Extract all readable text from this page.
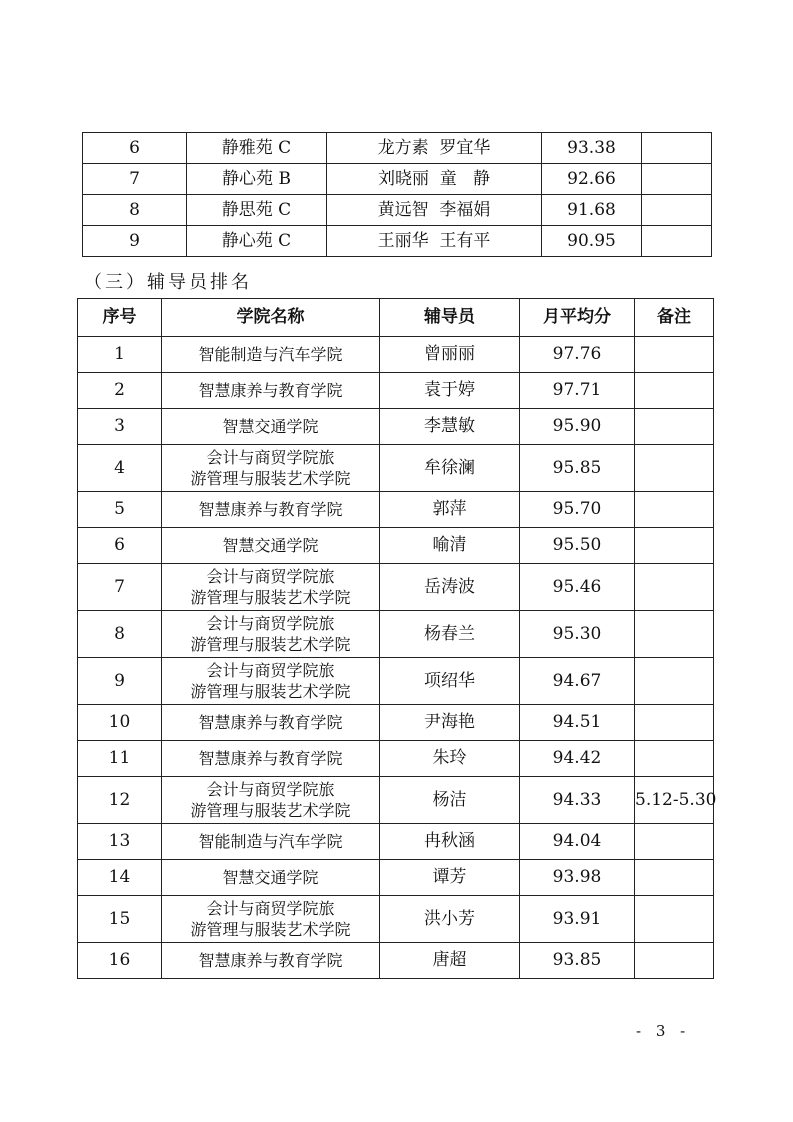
6	静雅苑 C	龙方素  罗宜华	93.38	
7	静心苑 B	刘晓丽  童   静	92.66	
8	静思苑 C	黄远智  李福娟	91.68	
9	静心苑 C	王丽华  王有平	90.95	
（三）辅导员排名
序号	学院名称	辅导员	月平均分	备注
1	智能制造与汽车学院	曾丽丽	97.76	
2	智慧康养与教育学院	袁于婷	97.71	
3	智慧交通学院	李慧敏	95.90	
4	会计与商贸学院旅
游管理与服装艺术学院	牟徐澜	95.85	
5	智慧康养与教育学院	郭萍	95.70	
6	智慧交通学院	喻清	95.50	
7	会计与商贸学院旅
游管理与服装艺术学院	岳涛波	95.46	
8	会计与商贸学院旅
游管理与服装艺术学院	杨春兰	95.30	
9	会计与商贸学院旅
游管理与服装艺术学院	项绍华	94.67	
10	智慧康养与教育学院	尹海艳	94.51	
11	智慧康养与教育学院	朱玲	94.42	
12	会计与商贸学院旅
游管理与服装艺术学院	杨洁	94.33	5.12-5.30
13	智能制造与汽车学院	冉秋涵	94.04	
14	智慧交通学院	谭芳	93.98	
15	会计与商贸学院旅
游管理与服装艺术学院	洪小芳	93.91	
16	智慧康养与教育学院	唐超	93.85	
- 3 -
